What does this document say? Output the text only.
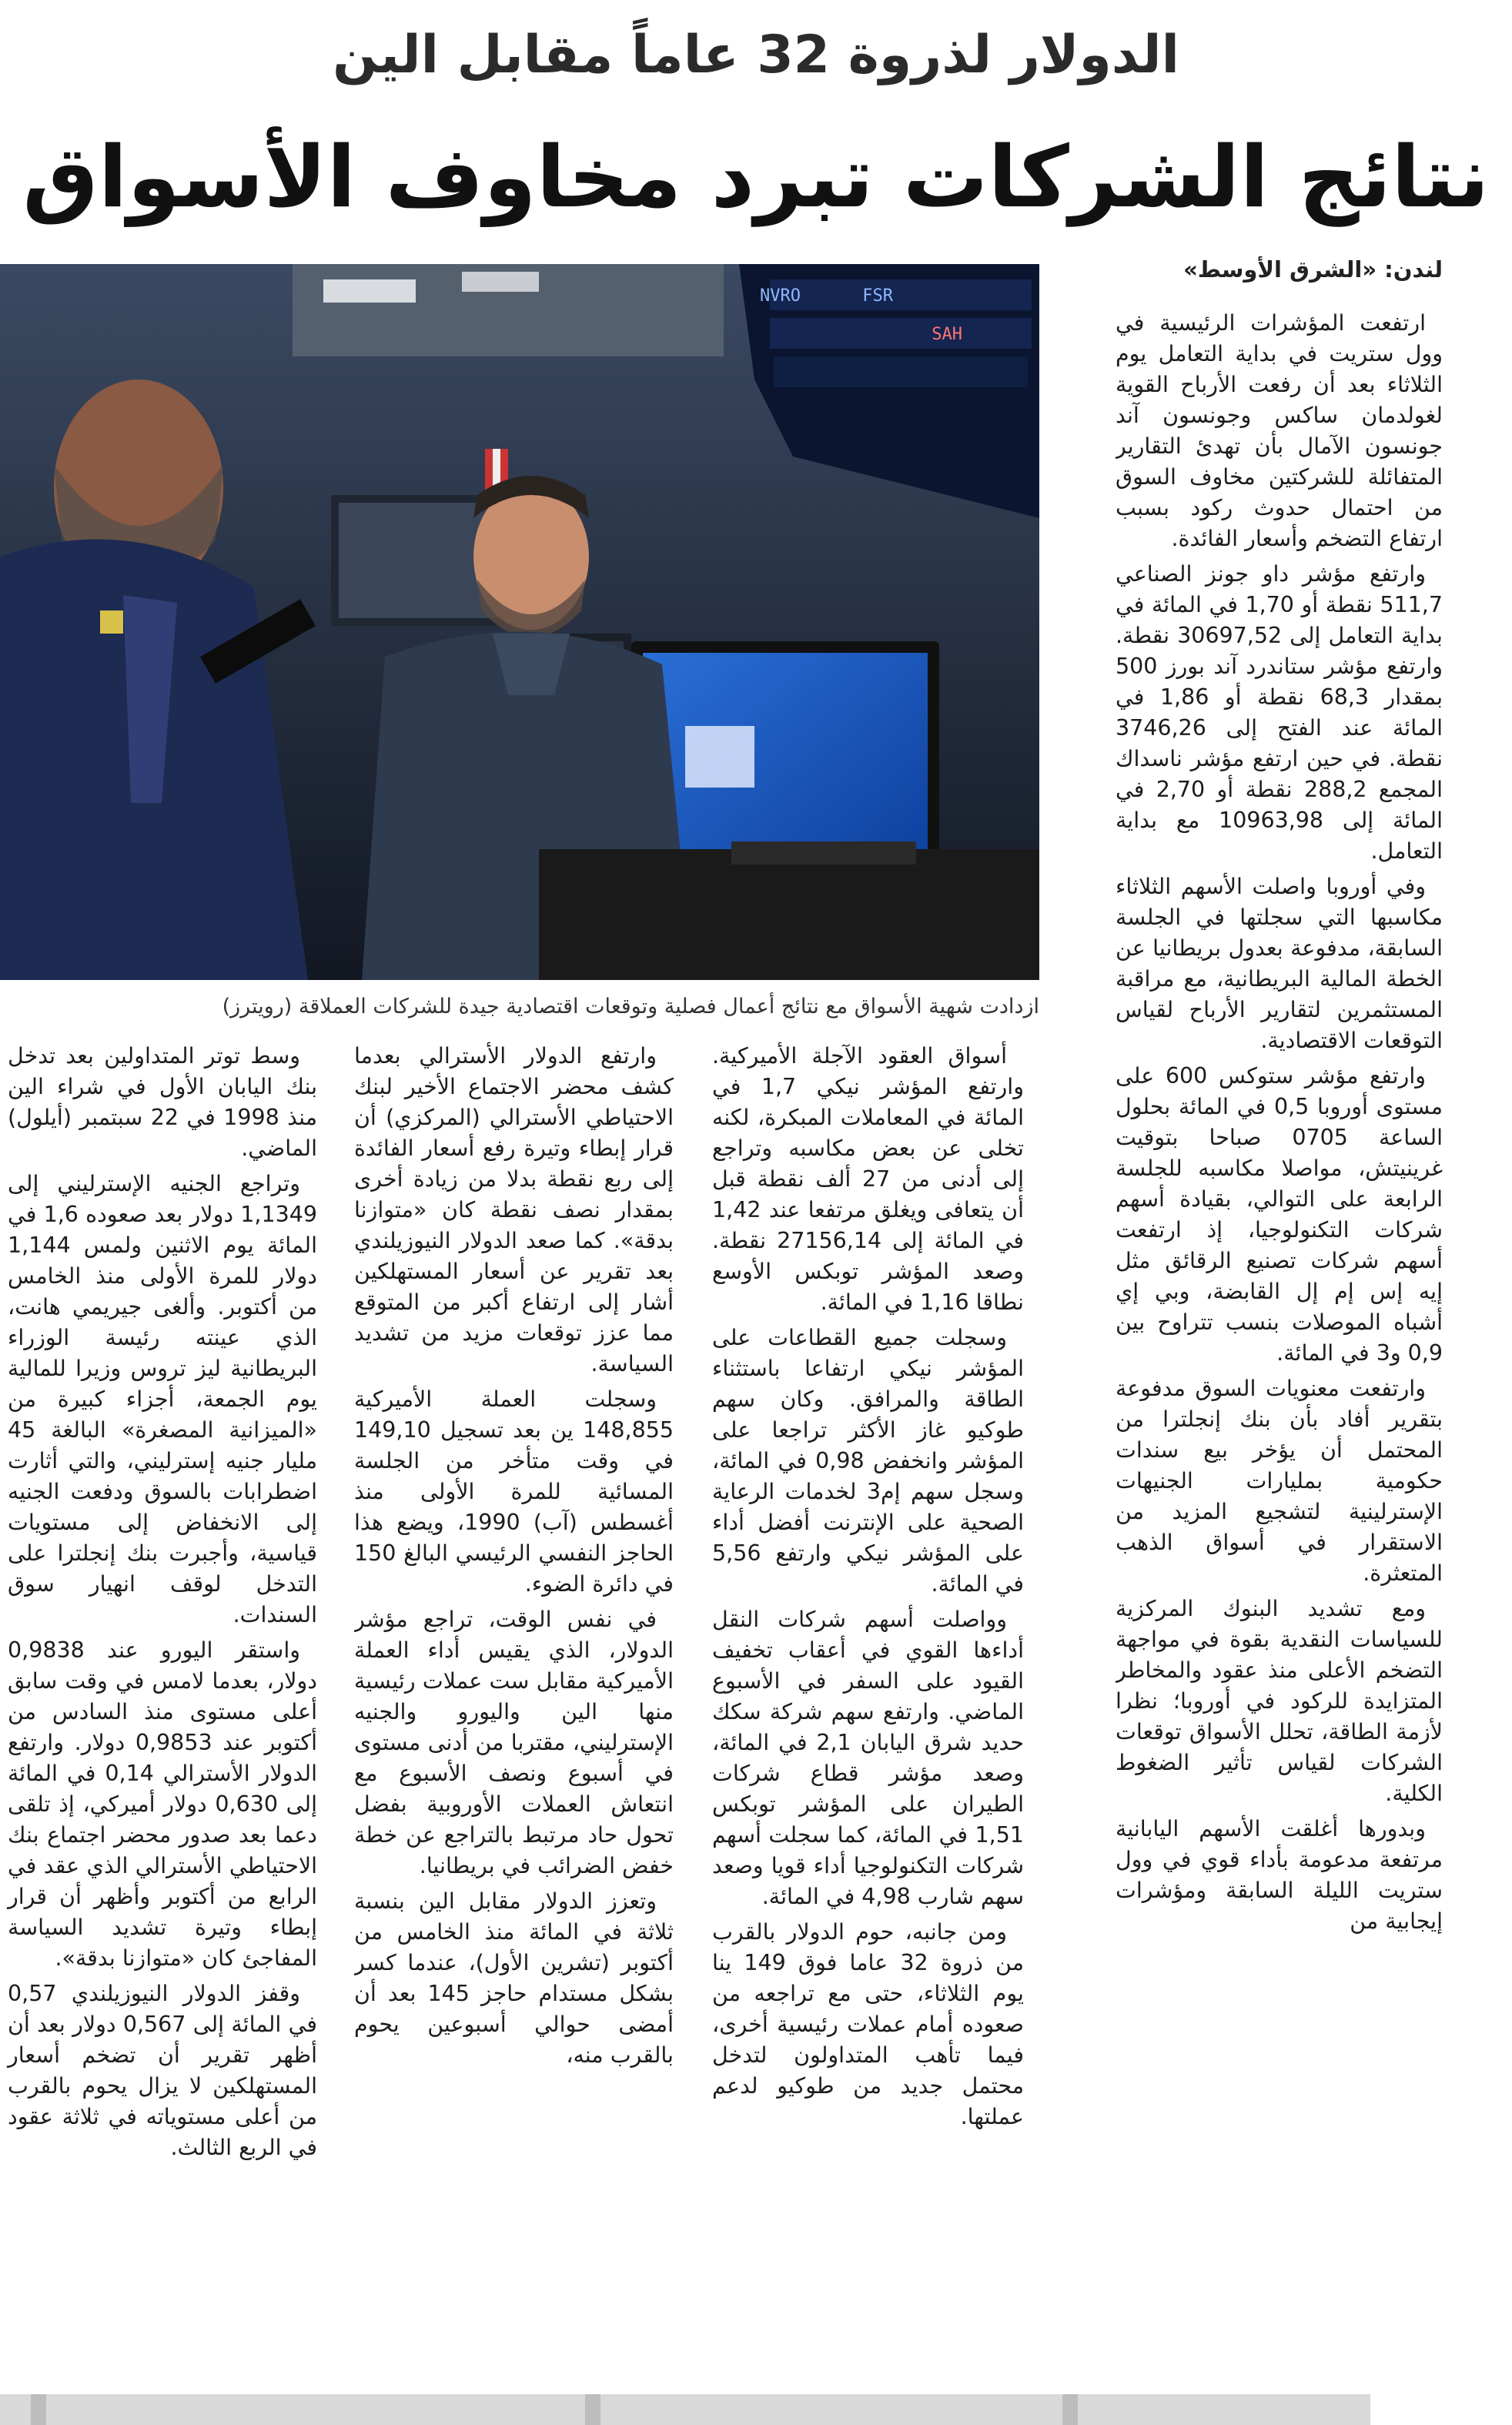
الدولار لذروة 32 عاماً مقابل الين
نتائج الشركات تبرد مخاوف الأسواق
لندن: «الشرق الأوسط»
NVRO	FSR
SAH
ازدادت شهية الأسواق مع نتائج أعمال فصلية وتوقعات اقتصادية جيدة للشركات العملاقة (رويترز)

ارتفعت المؤشرات الرئيسية في وول ستريت في بداية التعامل يوم الثلاثاء بعد أن رفعت الأرباح القوية لغولدمان ساكس وجونسون آند جونسون الآمال بأن تهدئ التقارير المتفائلة للشركتين مخاوف السوق من احتمال حدوث ركود بسبب ارتفاع التضخم وأسعار الفائدة.

وارتفع مؤشر داو جونز الصناعي 511,7 نقطة أو 1,70 في المائة في بداية التعامل إلى 30697,52 نقطة. وارتفع مؤشر ستاندرد آند بورز 500 بمقدار 68,3 نقطة أو 1,86 في المائة عند الفتح إلى 3746,26 نقطة. في حين ارتفع مؤشر ناسداك المجمع 288,2 نقطة أو 2,70 في المائة إلى 10963,98 مع بداية التعامل.

وفي أوروبا واصلت الأسهم الثلاثاء مكاسبها التي سجلتها في الجلسة السابقة، مدفوعة بعدول بريطانيا عن الخطة المالية البريطانية، مع مراقبة المستثمرين لتقارير الأرباح لقياس التوقعات الاقتصادية.

وارتفع مؤشر ستوكس 600 على مستوى أوروبا 0,5 في المائة بحلول الساعة 0705 صباحا بتوقيت غرينيتش، مواصلا مكاسبه للجلسة الرابعة على التوالي، بقيادة أسهم شركات التكنولوجيا، إذ ارتفعت أسهم شركات تصنيع الرقائق مثل إيه إس إم إل القابضة، وبي إي أشباه الموصلات بنسب تتراوح بين 0,9 و3 في المائة.

وارتفعت معنويات السوق مدفوعة بتقرير أفاد بأن بنك إنجلترا من المحتمل أن يؤخر بيع سندات حكومية بمليارات الجنيهات الإسترلينية لتشجيع المزيد من الاستقرار في أسواق الذهب المتعثرة.

ومع تشديد البنوك المركزية للسياسات النقدية بقوة في مواجهة التضخم الأعلى منذ عقود والمخاطر المتزايدة للركود في أوروبا؛ نظرا لأزمة الطاقة، تحلل الأسواق توقعات الشركات لقياس تأثير الضغوط الكلية.

وبدورها أغلقت الأسهم اليابانية مرتفعة مدعومة بأداء قوي في وول ستريت الليلة السابقة ومؤشرات إيجابية من

أسواق العقود الآجلة الأميركية. وارتفع المؤشر نيكي 1,7 في المائة في المعاملات المبكرة، لكنه تخلى عن بعض مكاسبه وتراجع إلى أدنى من 27 ألف نقطة قبل أن يتعافى ويغلق مرتفعا عند 1,42 في المائة إلى 27156,14 نقطة. وصعد المؤشر توبكس الأوسع نطاقا 1,16 في المائة.

وسجلت جميع القطاعات على المؤشر نيكي ارتفاعا باستثناء الطاقة والمرافق. وكان سهم طوكيو غاز الأكثر تراجعا على المؤشر وانخفض 0,98 في المائة، وسجل سهم إم3 لخدمات الرعاية الصحية على الإنترنت أفضل أداء على المؤشر نيكي وارتفع 5,56 في المائة.

وواصلت أسهم شركات النقل أداءها القوي في أعقاب تخفيف القيود على السفر في الأسبوع الماضي. وارتفع سهم شركة سكك حديد شرق اليابان 2,1 في المائة، وصعد مؤشر قطاع شركات الطيران على المؤشر توبكس 1,51 في المائة، كما سجلت أسهم شركات التكنولوجيا أداء قويا وصعد سهم شارب 4,98 في المائة.

ومن جانبه، حوم الدولار بالقرب من ذروة 32 عاما فوق 149 ينا يوم الثلاثاء، حتى مع تراجعه من صعوده أمام عملات رئيسية أخرى، فيما تأهب المتداولون لتدخل محتمل جديد من طوكيو لدعم عملتها.

وارتفع الدولار الأسترالي بعدما كشف محضر الاجتماع الأخير لبنك الاحتياطي الأسترالي (المركزي) أن قرار إبطاء وتيرة رفع أسعار الفائدة إلى ربع نقطة بدلا من زيادة أخرى بمقدار نصف نقطة كان «متوازنا بدقة». كما صعد الدولار النيوزيلندي بعد تقرير عن أسعار المستهلكين أشار إلى ارتفاع أكبر من المتوقع مما عزز توقعات مزيد من تشديد السياسة.

وسجلت العملة الأميركية 148,855 ين بعد تسجيل 149,10 في وقت متأخر من الجلسة المسائية للمرة الأولى منذ أغسطس (آب) 1990، ويضع هذا الحاجز النفسي الرئيسي البالغ 150 في دائرة الضوء.

في نفس الوقت، تراجع مؤشر الدولار، الذي يقيس أداء العملة الأميركية مقابل ست عملات رئيسية منها الين واليورو والجنيه الإسترليني، مقتربا من أدنى مستوى في أسبوع ونصف الأسبوع مع انتعاش العملات الأوروبية بفضل تحول حاد مرتبط بالتراجع عن خطة خفض الضرائب في بريطانيا.

وتعزز الدولار مقابل الين بنسبة ثلاثة في المائة منذ الخامس من أكتوبر (تشرين الأول)، عندما كسر بشكل مستدام حاجز 145 بعد أن أمضى حوالي أسبوعين يحوم بالقرب منه،

وسط توتر المتداولين بعد تدخل بنك اليابان الأول في شراء الين منذ 1998 في 22 سبتمبر (أيلول) الماضي.

وتراجع الجنيه الإسترليني إلى 1,1349 دولار بعد صعوده 1,6 في المائة يوم الاثنين ولمس 1,144 دولار للمرة الأولى منذ الخامس من أكتوبر. وألغى جيريمي هانت، الذي عينته رئيسة الوزراء البريطانية ليز تروس وزيرا للمالية يوم الجمعة، أجزاء كبيرة من «الميزانية المصغرة» البالغة 45 مليار جنيه إسترليني، والتي أثارت اضطرابات بالسوق ودفعت الجنيه إلى الانخفاض إلى مستويات قياسية، وأجبرت بنك إنجلترا على التدخل لوقف انهيار سوق السندات.

واستقر اليورو عند 0,9838 دولار، بعدما لامس في وقت سابق أعلى مستوى منذ السادس من أكتوبر عند 0,9853 دولار. وارتفع الدولار الأسترالي 0,14 في المائة إلى 0,630 دولار أميركي، إذ تلقى دعما بعد صدور محضر اجتماع بنك الاحتياطي الأسترالي الذي عقد في الرابع من أكتوبر وأظهر أن قرار إبطاء وتيرة تشديد السياسة المفاجئ كان «متوازنا بدقة».

وقفز الدولار النيوزيلندي 0,57 في المائة إلى 0,567 دولار بعد أن أظهر تقرير أن تضخم أسعار المستهلكين لا يزال يحوم بالقرب من أعلى مستوياته في ثلاثة عقود في الربع الثالث.
